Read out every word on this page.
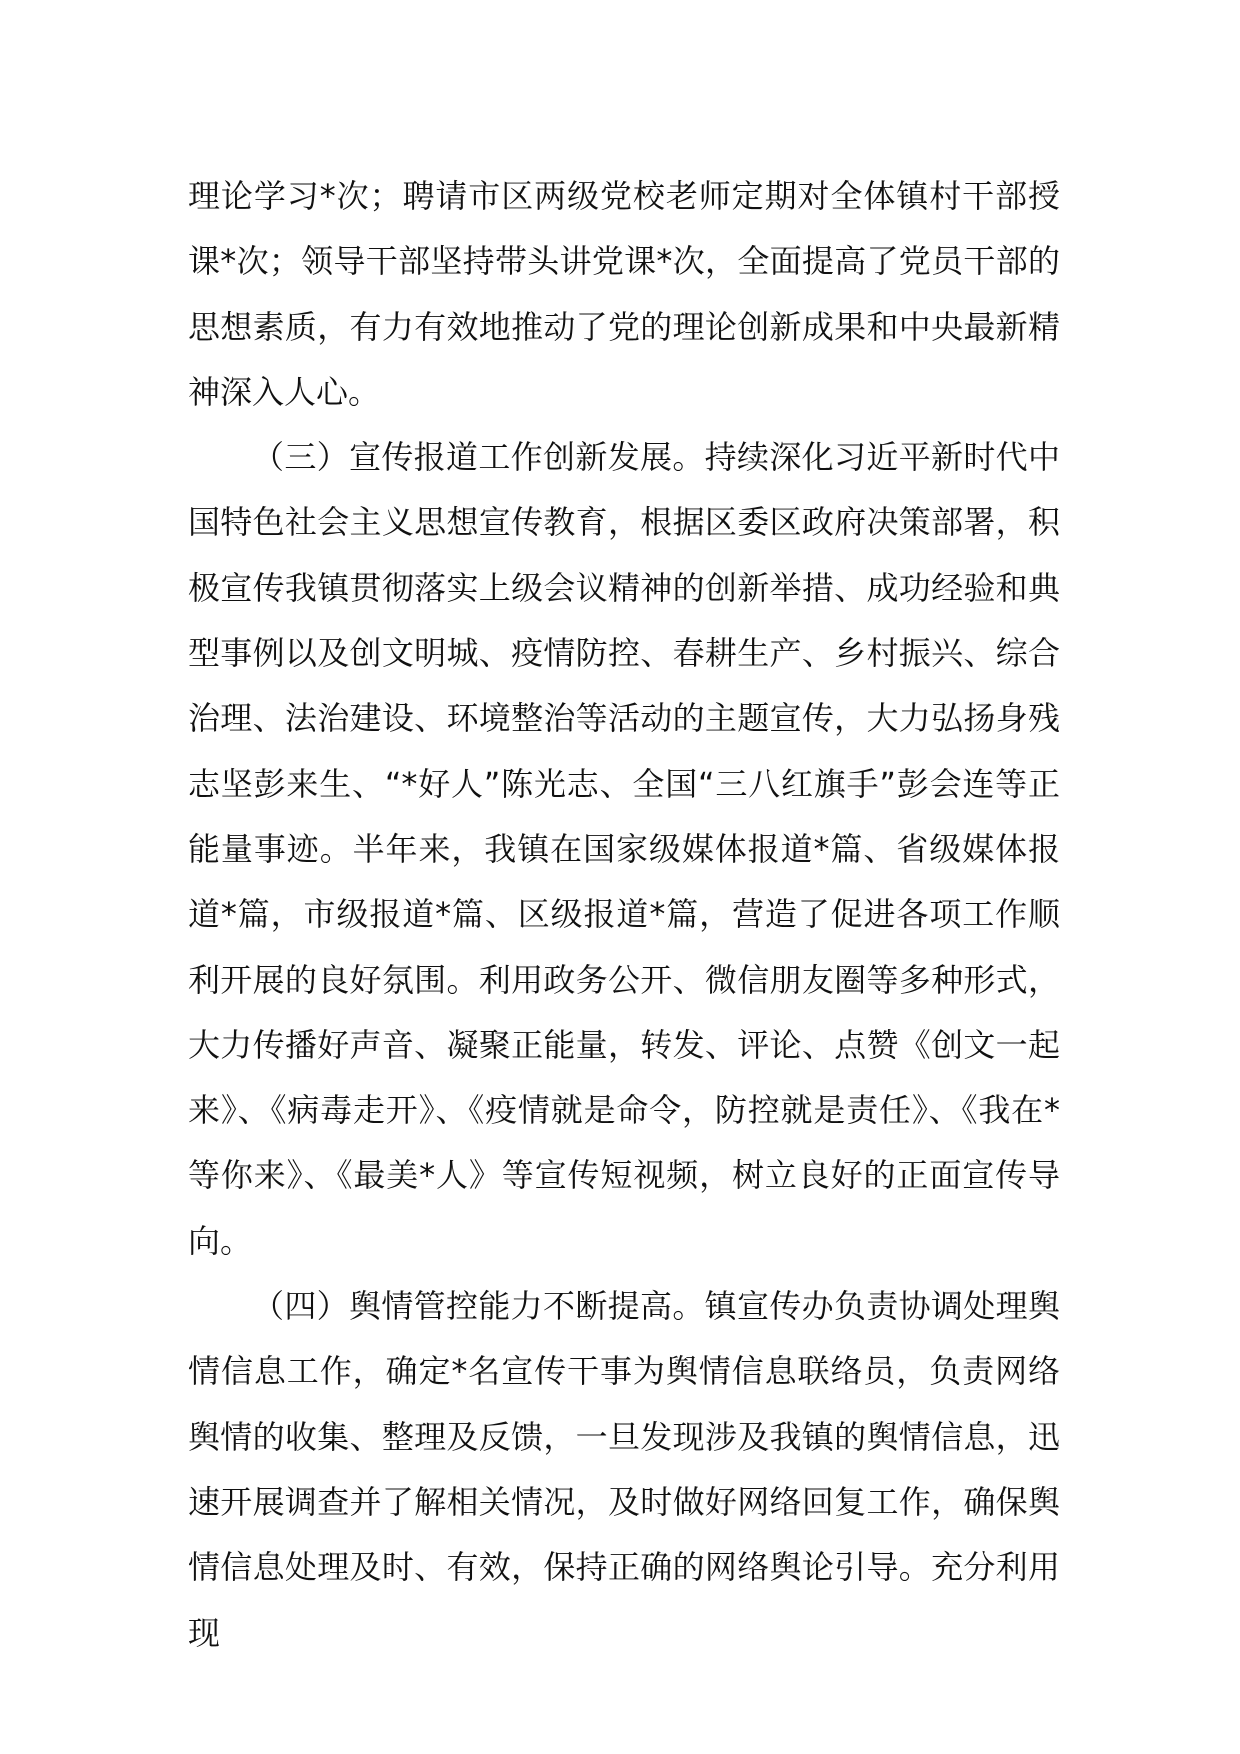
理论学习*次；聘请市区两级党校老师定期对全体镇村干部授课*次；领导干部坚持带头讲党课*次，全面提高了党员干部的思想素质，有力有效地推动了党的理论创新成果和中央最新精神深入人心。

（三）宣传报道工作创新发展。持续深化习近平新时代中国特色社会主义思想宣传教育，根据区委区政府决策部署，积极宣传我镇贯彻落实上级会议精神的创新举措、成功经验和典型事例以及创文明城、疫情防控、春耕生产、乡村振兴、综合治理、法治建设、环境整治等活动的主题宣传，大力弘扬身残志坚彭来生、“*好人”陈光志、全国“三八红旗手”彭会连等正能量事迹。半年来，我镇在国家级媒体报道*篇、省级媒体报道*篇，市级报道*篇、区级报道*篇，营造了促进各项工作顺利开展的良好氛围。利用政务公开、微信朋友圈等多种形式，大力传播好声音、凝聚正能量，转发、评论、点赞《创文一起来》、《病毒走开》、《疫情就是命令，防控就是责任》、《我在*等你来》、《最美*人》等宣传短视频，树立良好的正面宣传导向。

（四）舆情管控能力不断提高。镇宣传办负责协调处理舆情信息工作，确定*名宣传干事为舆情信息联络员，负责网络舆情的收集、整理及反馈，一旦发现涉及我镇的舆情信息，迅速开展调查并了解相关情况，及时做好网络回复工作，确保舆情信息处理及时、有效，保持正确的网络舆论引导。充分利用现
